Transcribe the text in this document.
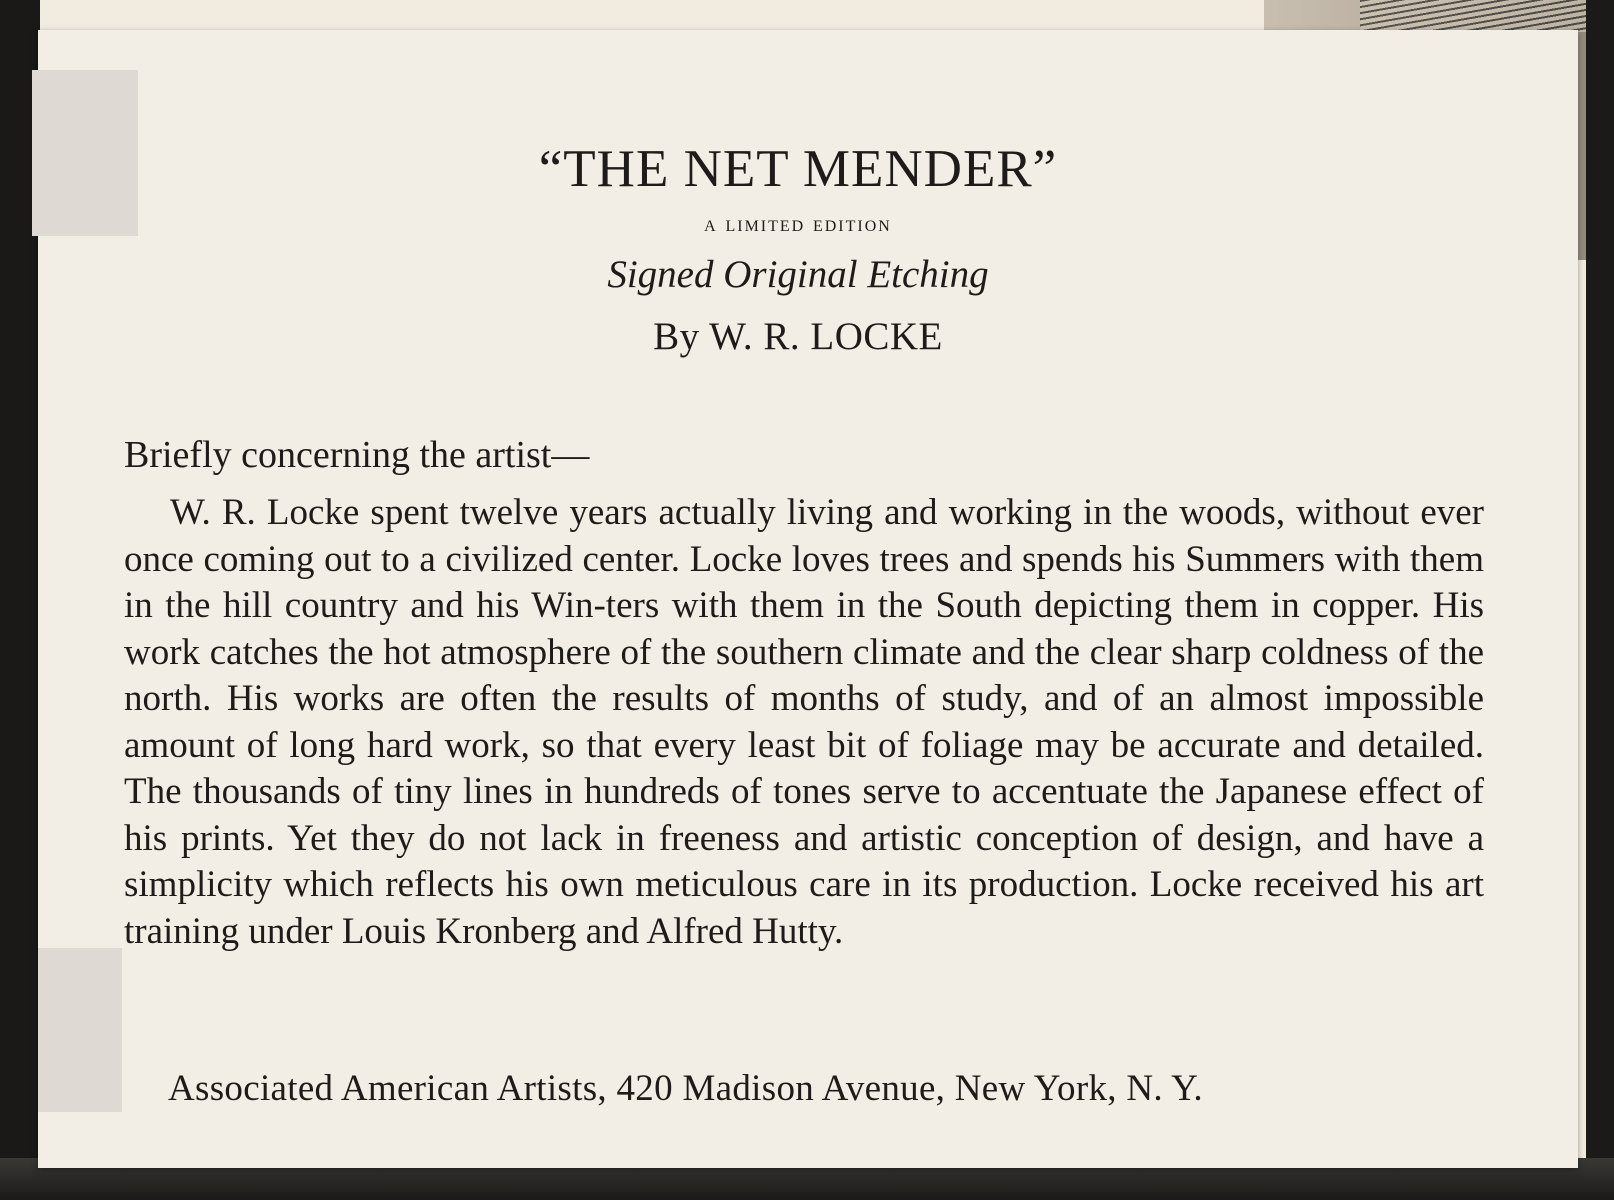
“THE NET MENDER”
a limited edition
Signed Original Etching
By W. R. LOCKE
Briefly concerning the artist—

W. R. Locke spent twelve years actually living and working in the woods, without ever once coming out to a civilized center. Locke loves trees and spends his Summers with them in the hill country and his Win-ters with them in the South depicting them in copper. His work catches the hot atmosphere of the southern climate and the clear sharp coldness of the north. His works are often the results of months of study, and of an almost impossible amount of long hard work, so that every least bit of foliage may be accurate and detailed. The thousands of tiny lines in hundreds of tones serve to accentuate the Japanese effect of his prints. Yet they do not lack in freeness and artistic conception of design, and have a simplicity which reflects his own meticulous care in its production. Locke received his art training under Louis Kronberg and Alfred Hutty.

Associated American Artists, 420 Madison Avenue, New York, N. Y.
